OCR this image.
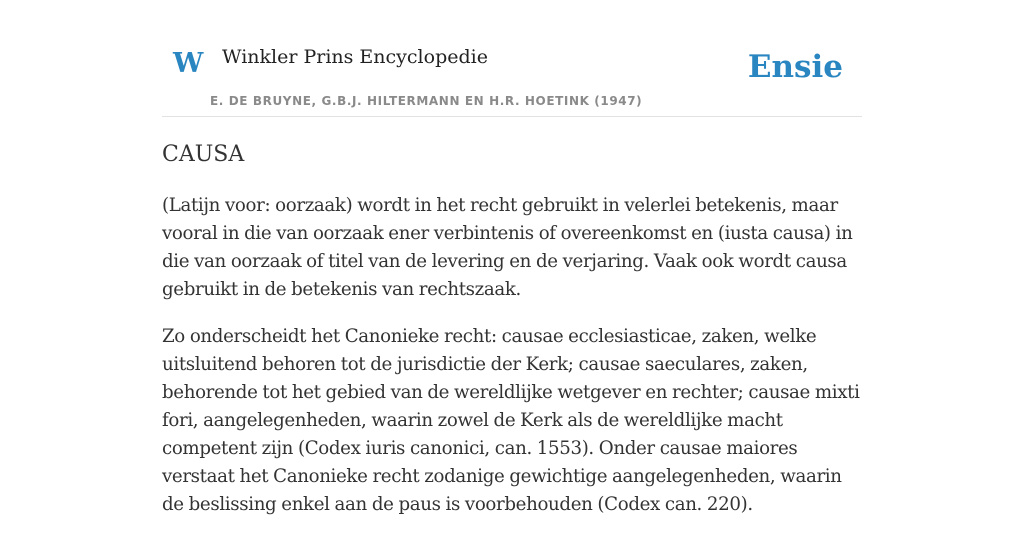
W Winkler Prins Encyclopedie
E. DE BRUYNE, G.B.J. HILTERMANN EN H.R. HOETINK (1947)
Ensie
CAUSA

(Latijn voor: oorzaak) wordt in het recht gebruikt in velerlei betekenis, maar vooral in die van oorzaak ener verbintenis of overeenkomst en (iusta causa) in die van oorzaak of titel van de levering en de verjaring. Vaak ook wordt causa gebruikt in de betekenis van rechtszaak.

Zo onderscheidt het Canonieke recht: causae ecclesiasticae, zaken, welke uitsluitend behoren tot de jurisdictie der Kerk; causae saeculares, zaken, behorende tot het gebied van de wereldlijke wetgever en rechter; causae mixti fori, aangelegenheden, waarin zowel de Kerk als de wereldlijke macht competent zijn (Codex iuris canonici, can. 1553). Onder causae maiores verstaat het Canonieke recht zodanige gewichtige aangelegenheden, waarin de beslissing enkel aan de paus is voorbehouden (Codex can. 220).
